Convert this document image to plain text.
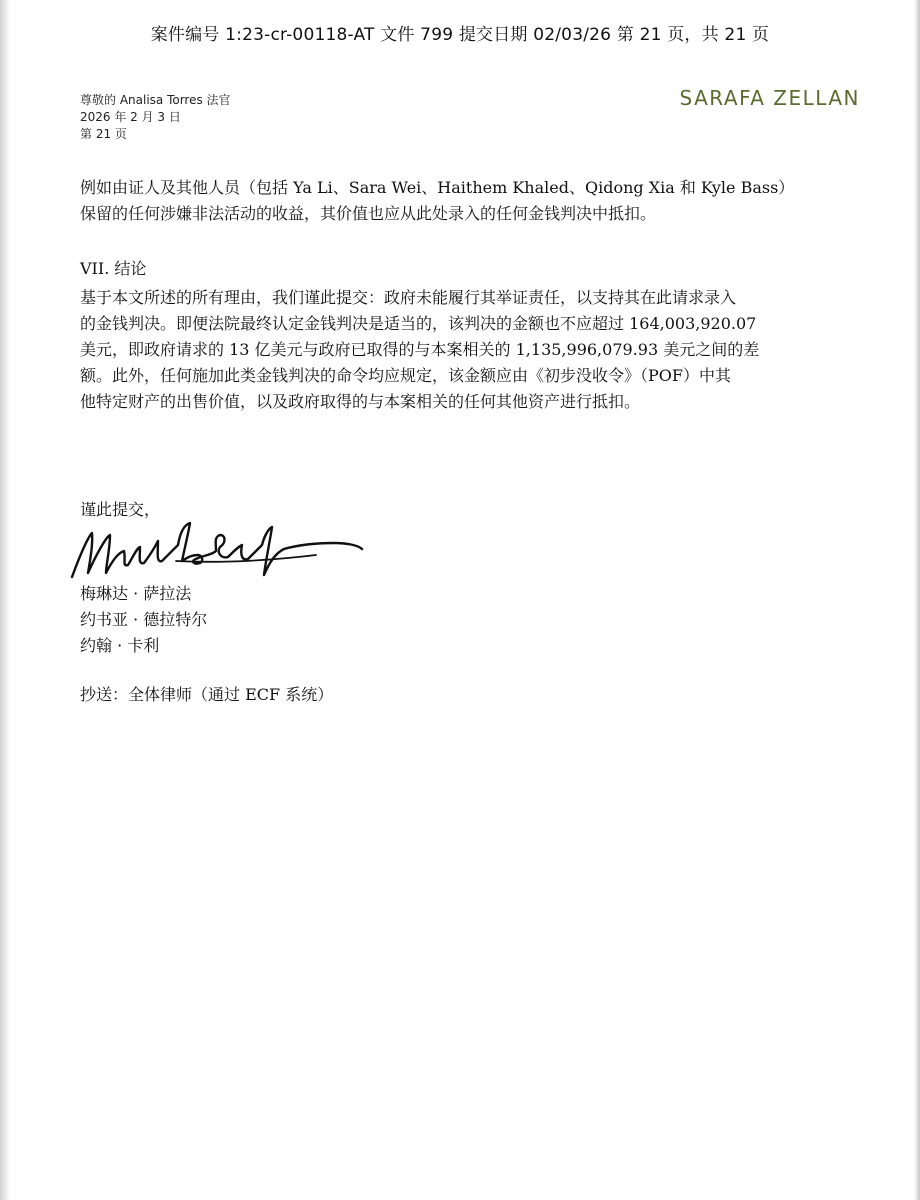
案件编号 1:23-cr-00118-AT 文件 799 提交日期 02/03/26 第 21 页，共 21 页
尊敬的 Analisa Torres 法官
2026 年 2 月 3 日
第 21 页
SARAFA ZELLAN
例如由证人及其他人员（包括 Ya Li、Sara Wei、Haithem Khaled、Qidong Xia 和 Kyle Bass）
保留的任何涉嫌非法活动的收益，其价值也应从此处录入的任何金钱判决中抵扣。
VII. 结论
基于本文所述的所有理由，我们谨此提交：政府未能履行其举证责任，以支持其在此请求录入
的金钱判决。即便法院最终认定金钱判决是适当的，该判决的金额也不应超过 164,003,920.07
美元，即政府请求的 13 亿美元与政府已取得的与本案相关的 1,135,996,079.93 美元之间的差
额。此外，任何施加此类金钱判决的命令均应规定，该金额应由《初步没收令》（POF）中其
他特定财产的出售价值，以及政府取得的与本案相关的任何其他资产进行抵扣。
谨此提交，
梅琳达 · 萨拉法
约书亚 · 德拉特尔
约翰 · 卡利
抄送：全体律师（通过 ECF 系统）
